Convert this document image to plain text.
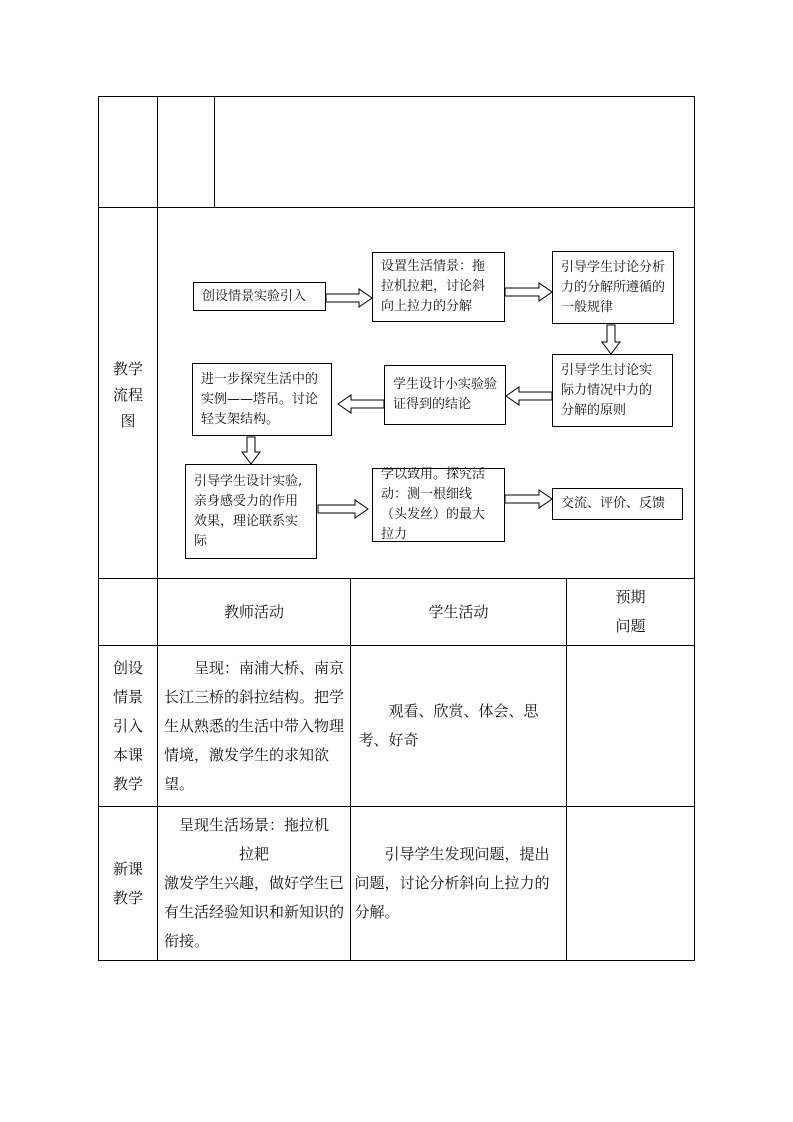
教学流程图
创设情景实验引入
设置生活情景：拖拉机拉耙，讨论斜向上拉力的分解
引导学生讨论分析力的分解所遵循的一般规律
引导学生讨论实际力情况中力的分解的原则
学生设计小实验验证得到的结论
进一步探究生活中的实例——塔吊。讨论轻支架结构。
引导学生设计实验,亲身感受力的作用效果，理论联系实际
学以致用。探究活动：测一根细线（头发丝）的最大拉力
交流、评价、反馈
教师活动	学生活动
预期问题
创设情景引入本课教学
呈现：南浦大桥、南京长江三桥的斜拉结构。把学生从熟悉的生活中带入物理情境，激发学生的求知欲望。
观看、欣赏、体会、思考、好奇
新课教学
呈现生活场景：拖拉机拉耙
激发学生兴趣，做好学生已有生活经验知识和新知识的衔接。
引导学生发现问题，提出问题，讨论分析斜向上拉力的分解。
